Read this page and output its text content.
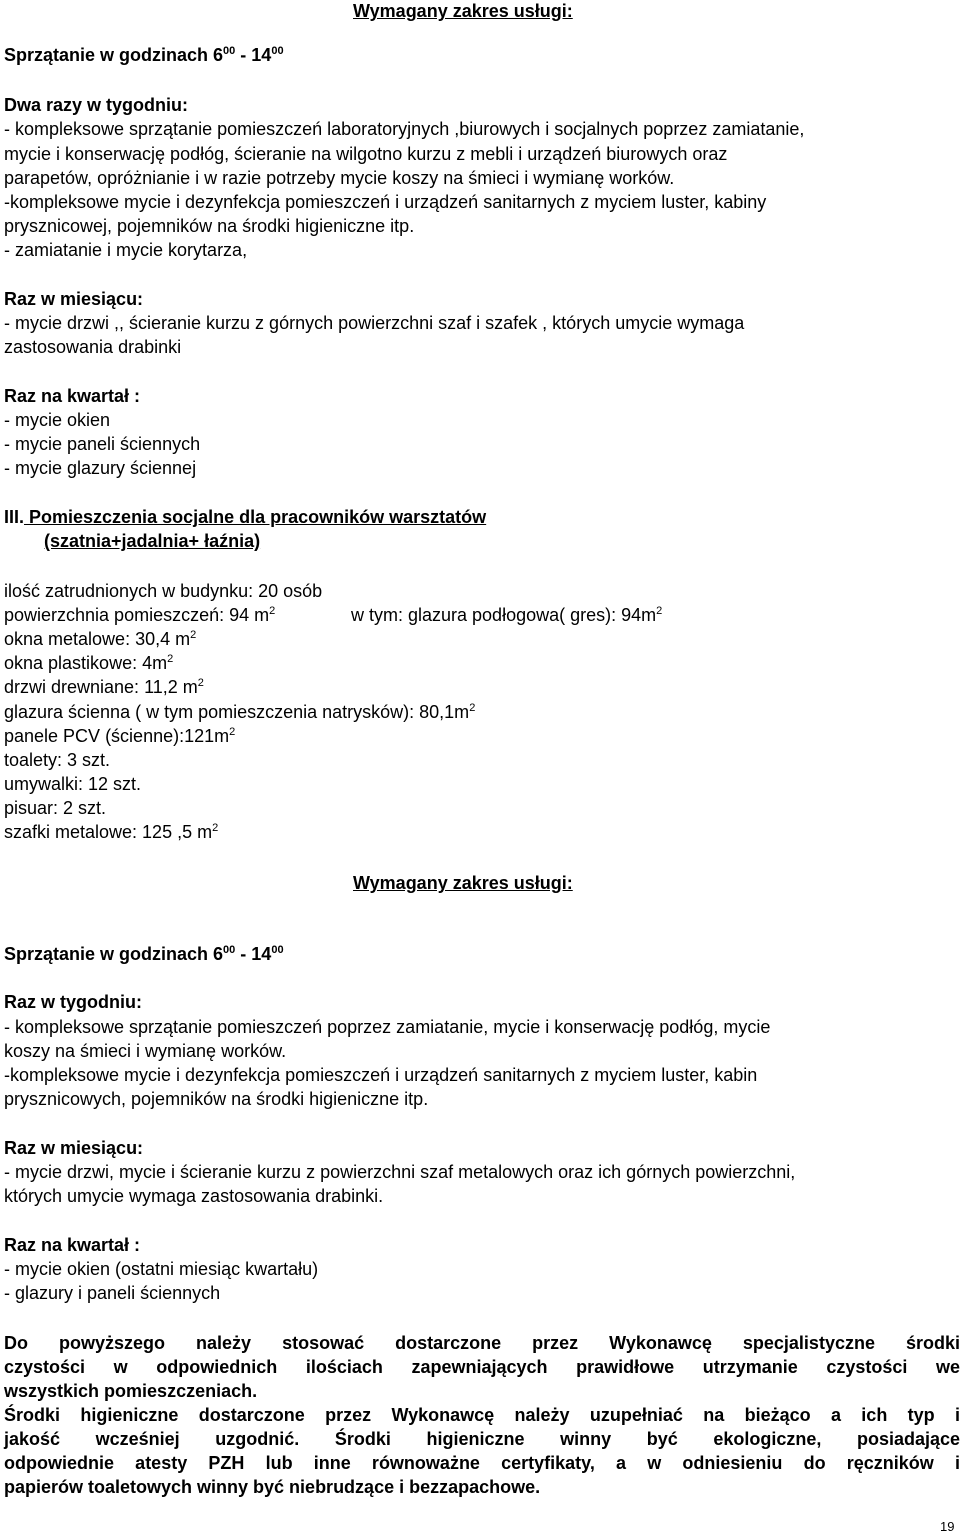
Wymagany zakres usługi:
Sprzątanie w godzinach $6^{00} - 14^{00}$
Dwa razy w tygodniu:
- kompleksowe sprzątanie pomieszczeń laboratoryjnych ,biurowych i socjalnych poprzez zamiatanie,
mycie i konserwację podłóg, ścieranie na wilgotno kurzu z mebli i urządzeń biurowych oraz
parapetów, opróżnianie i w razie potrzeby mycie koszy na śmieci i wymianę worków.
-kompleksowe mycie i dezynfekcja pomieszczeń i urządzeń sanitarnych z myciem luster, kabiny
prysznicowej, pojemników na środki higieniczne itp.
- zamiatanie i mycie korytarza,
Raz w miesiącu:
- mycie drzwi ,, ścieranie kurzu z górnych powierzchni szaf i szafek , których umycie wymaga
zastosowania drabinki
Raz na kwartał :
- mycie okien
- mycie paneli ściennych
- mycie glazury ściennej
III. Pomieszczenia socjalne dla pracowników warsztatów
(szatnia+jadalnia+ łaźnia)
ilość zatrudnionych w budynku: 20 osób
powierzchnia pomieszczeń: 94 $m^2$	w tym: glazura podłogowa( gres): $94m^2$
okna metalowe: 30,4 $m^2$
okna plastikowe: $4m^2$
drzwi drewniane: 11,2 $m^2$
glazura ścienna ( w tym pomieszczenia natrysków): $80,1m^2$
panele PCV $(ścienne):121m^2$
toalety: 3 szt.
umywalki: 12 szt.
pisuar: 2 szt.
szafki metalowe: 125 ,5 $m^2$
Wymagany zakres usługi:
Sprzątanie w godzinach $6^{00} - 14^{00}$
Raz w tygodniu:
- kompleksowe sprzątanie pomieszczeń poprzez zamiatanie, mycie i konserwację podłóg, mycie
koszy na śmieci i wymianę worków.
-kompleksowe mycie i dezynfekcja pomieszczeń i urządzeń sanitarnych z myciem luster, kabin
prysznicowych, pojemników na środki higieniczne itp.
Raz w miesiącu:
- mycie drzwi, mycie i ścieranie kurzu z powierzchni szaf metalowych oraz ich górnych powierzchni,
których umycie wymaga zastosowania drabinki.
Raz na kwartał :
- mycie okien (ostatni miesiąc kwartału)
- glazury i paneli ściennych
Do powyższego należy stosować dostarczone przez Wykonawcę specjalistyczne środki
czystości w odpowiednich ilościach zapewniających prawidłowe utrzymanie czystości we
wszystkich pomieszczeniach.
Środki higieniczne dostarczone przez Wykonawcę należy uzupełniać na bieżąco a ich typ i
jakość wcześniej uzgodnić. Środki higieniczne winny być ekologiczne, posiadające
odpowiednie atesty PZH lub inne równoważne certyfikaty, a w odniesieniu do ręczników i
papierów toaletowych winny być niebrudzące i bezzapachowe.
19
